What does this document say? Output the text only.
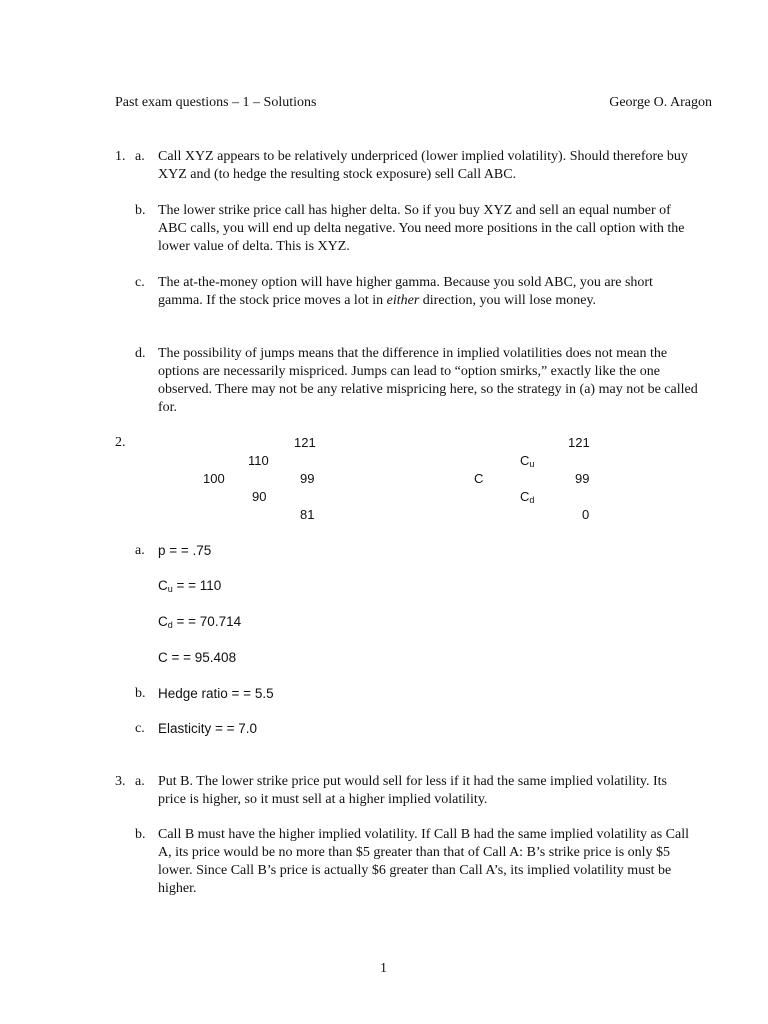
Past exam questions – 1 – Solutions	George O. Aragon
1. a. Call XYZ appears to be relatively underpriced (lower implied volatility). Should therefore buy XYZ and (to hedge the resulting stock exposure) sell Call ABC.
b. The lower strike price call has higher delta. So if you buy XYZ and sell an equal number of ABC calls, you will end up delta negative. You need more positions in the call option with the lower value of delta. This is XYZ.
c. The at-the-money option will have higher gamma. Because you sold ABC, you are short gamma. If the stock price moves a lot in either direction, you will lose money.
d. The possibility of jumps means that the difference in implied volatilities does not mean the options are necessarily mispriced. Jumps can lead to “option smirks,” exactly like the one observed. There may not be any relative mispricing here, so the strategy in (a) may not be called for.
2.	121
110
100	99
90
81
121
$C_u$
C	99
$C_d$
0
a. p = = .75
$C_u$ = = 110
$C_d$ = = 70.714
C = = 95.408
b. Hedge ratio = = 5.5
c. Elasticity = = 7.0
3. a. Put B. The lower strike price put would sell for less if it had the same implied volatility. Its price is higher, so it must sell at a higher implied volatility.
b. Call B must have the higher implied volatility. If Call B had the same implied volatility as Call A, its price would be no more than $5 greater than that of Call A: B’s strike price is only $5 lower. Since Call B’s price is actually $6 greater than Call A’s, its implied volatility must be higher.
1
